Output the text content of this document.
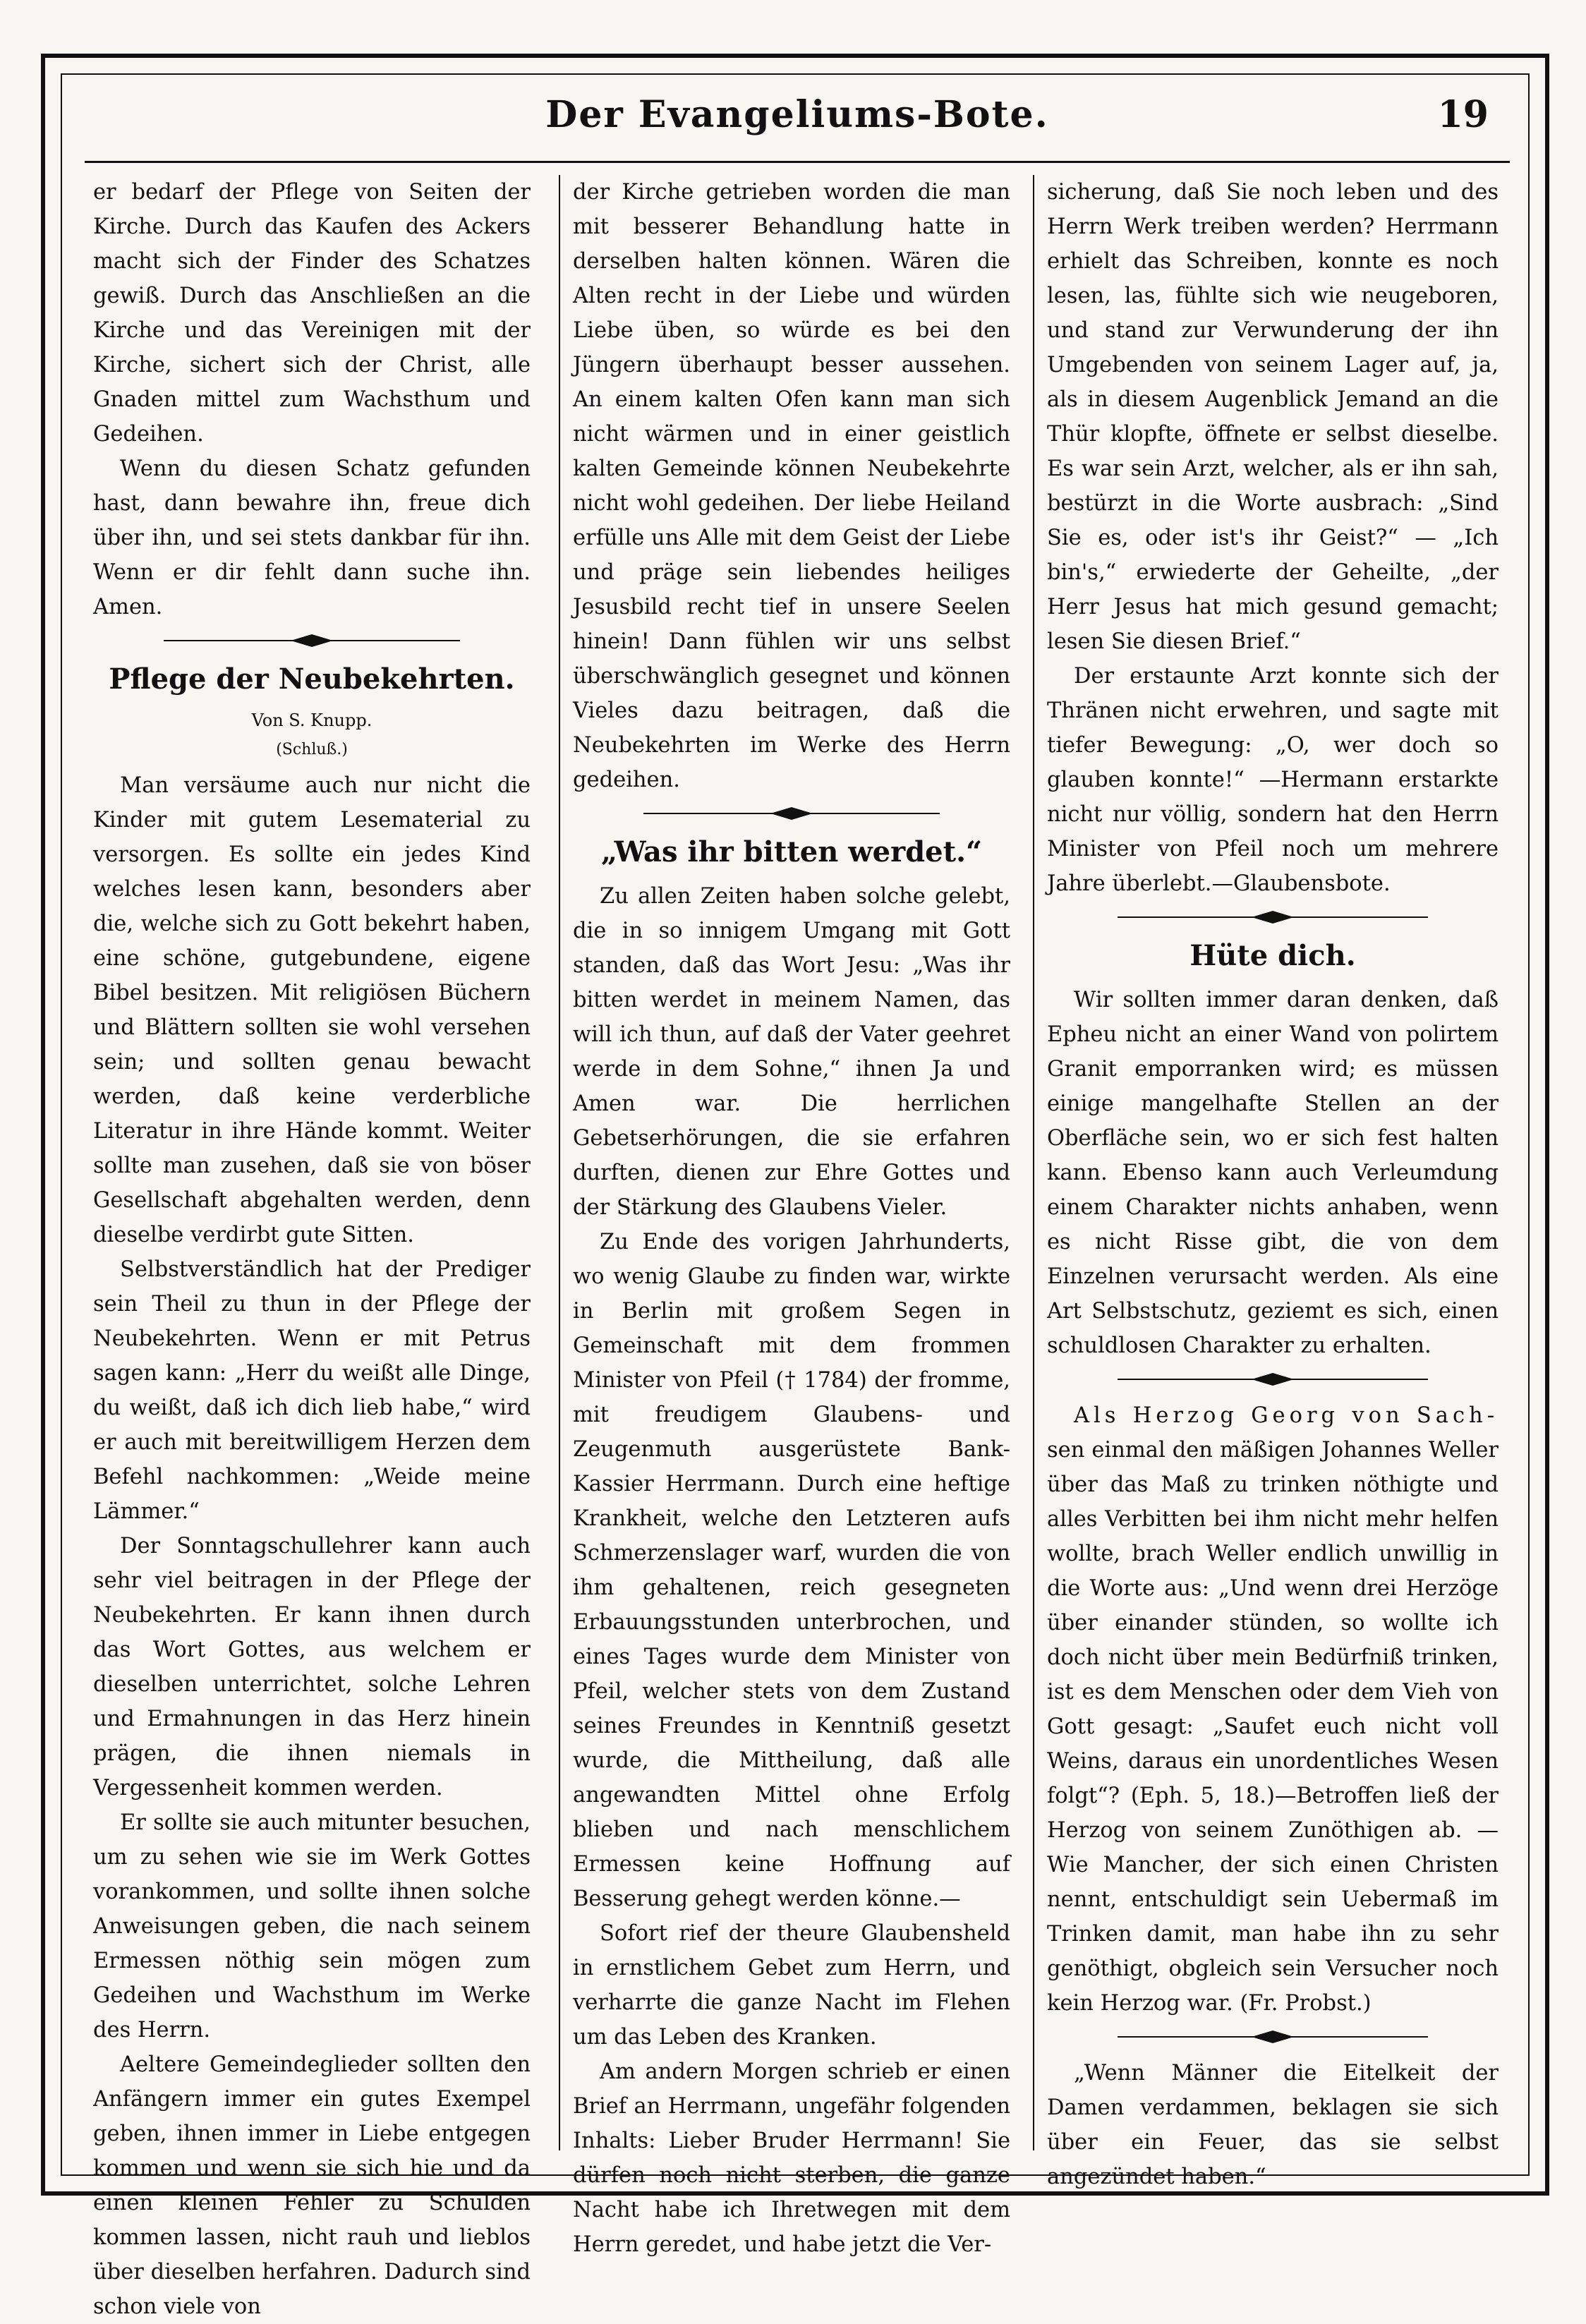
Der Evangeliums-Bote.	19

er bedarf der Pflege von Seiten der Kirche. Durch das Kaufen des Ackers macht sich der Finder des Schatzes gewiß. Durch das Anschließen an die Kirche und das Vereinigen mit der Kirche, sichert sich der Christ, alle Gnaden mittel zum Wachsthum und Gedeihen.

Wenn du diesen Schatz gefunden hast, dann bewahre ihn, freue dich über ihn, und sei stets dankbar für ihn. Wenn er dir fehlt dann suche ihn. Amen.

Pflege der Neubekehrten.
Von S. Knupp.
(Schluß.)

Man versäume auch nur nicht die Kinder mit gutem Lesematerial zu versorgen. Es sollte ein jedes Kind welches lesen kann, besonders aber die, welche sich zu Gott bekehrt haben, eine schöne, gutgebundene, eigene Bibel besitzen. Mit religiösen Büchern und Blättern sollten sie wohl versehen sein; und sollten genau bewacht werden, daß keine verderbliche Literatur in ihre Hände kommt. Weiter sollte man zusehen, daß sie von böser Gesellschaft abgehalten werden, denn dieselbe verdirbt gute Sitten.

Selbstverständlich hat der Prediger sein Theil zu thun in der Pflege der Neubekehrten. Wenn er mit Petrus sagen kann: „Herr du weißt alle Dinge, du weißt, daß ich dich lieb habe,“ wird er auch mit bereitwilligem Herzen dem Befehl nachkommen: „Weide meine Lämmer.“

Der Sonntagschullehrer kann auch sehr viel beitragen in der Pflege der Neubekehrten. Er kann ihnen durch das Wort Gottes, aus welchem er dieselben unterrichtet, solche Lehren und Ermahnungen in das Herz hinein prägen, die ihnen niemals in Vergessenheit kommen werden.

Er sollte sie auch mitunter besuchen, um zu sehen wie sie im Werk Gottes vorankommen, und sollte ihnen solche Anweisungen geben, die nach seinem Ermessen nöthig sein mögen zum Gedeihen und Wachsthum im Werke des Herrn.

Aeltere Gemeindeglieder sollten den Anfängern immer ein gutes Exempel geben, ihnen immer in Liebe entgegen kommen und wenn sie sich hie und da einen kleinen Fehler zu Schulden kommen lassen, nicht rauh und lieblos über dieselben herfahren. Dadurch sind schon viele von

der Kirche getrieben worden die man mit besserer Behandlung hatte in derselben halten können. Wären die Alten recht in der Liebe und würden Liebe üben, so würde es bei den Jüngern überhaupt besser aussehen. An einem kalten Ofen kann man sich nicht wärmen und in einer geistlich kalten Gemeinde können Neubekehrte nicht wohl gedeihen. Der liebe Heiland erfülle uns Alle mit dem Geist der Liebe und präge sein liebendes heiliges Jesusbild recht tief in unsere Seelen hinein! Dann fühlen wir uns selbst überschwänglich gesegnet und können Vieles dazu beitragen, daß die Neubekehrten im Werke des Herrn gedeihen.

„Was ihr bitten werdet.“

Zu allen Zeiten haben solche gelebt, die in so innigem Umgang mit Gott standen, daß das Wort Jesu: „Was ihr bitten werdet in meinem Namen, das will ich thun, auf daß der Vater geehret werde in dem Sohne,“ ihnen Ja und Amen war. Die herrlichen Gebetserhörungen, die sie erfahren durften, dienen zur Ehre Gottes und der Stärkung des Glaubens Vieler.

Zu Ende des vorigen Jahrhunderts, wo wenig Glaube zu finden war, wirkte in Berlin mit großem Segen in Gemeinschaft mit dem frommen Minister von Pfeil († 1784) der fromme, mit freudigem Glaubens- und Zeugenmuth ausgerüstete Bank-Kassier Herrmann. Durch eine heftige Krankheit, welche den Letzteren aufs Schmerzenslager warf, wurden die von ihm gehaltenen, reich gesegneten Erbauungsstunden unterbrochen, und eines Tages wurde dem Minister von Pfeil, welcher stets von dem Zustand seines Freundes in Kenntniß gesetzt wurde, die Mittheilung, daß alle angewandten Mittel ohne Erfolg blieben und nach menschlichem Ermessen keine Hoffnung auf Besserung gehegt werden könne.—

Sofort rief der theure Glaubensheld in ernstlichem Gebet zum Herrn, und verharrte die ganze Nacht im Flehen um das Leben des Kranken.

Am andern Morgen schrieb er einen Brief an Herrmann, ungefähr folgenden Inhalts: Lieber Bruder Herrmann! Sie dürfen noch nicht sterben, die ganze Nacht habe ich Ihretwegen mit dem Herrn geredet, und habe jetzt die Ver-

sicherung, daß Sie noch leben und des Herrn Werk treiben werden? Herrmann erhielt das Schreiben, konnte es noch lesen, las, fühlte sich wie neugeboren, und stand zur Verwunderung der ihn Umgebenden von seinem Lager auf, ja, als in diesem Augenblick Jemand an die Thür klopfte, öffnete er selbst dieselbe. Es war sein Arzt, welcher, als er ihn sah, bestürzt in die Worte ausbrach: „Sind Sie es, oder ist's ihr Geist?“ — „Ich bin's,“ erwiederte der Geheilte, „der Herr Jesus hat mich gesund gemacht; lesen Sie diesen Brief.“

Der erstaunte Arzt konnte sich der Thränen nicht erwehren, und sagte mit tiefer Bewegung: „O, wer doch so glauben konnte!“ —Hermann erstarkte nicht nur völlig, sondern hat den Herrn Minister von Pfeil noch um mehrere Jahre überlebt.—Glaubensbote.

Hüte dich.

Wir sollten immer daran denken, daß Epheu nicht an einer Wand von polirtem Granit emporranken wird; es müssen einige mangelhafte Stellen an der Oberfläche sein, wo er sich fest halten kann. Ebenso kann auch Verleumdung einem Charakter nichts anhaben, wenn es nicht Risse gibt, die von dem Einzelnen verursacht werden. Als eine Art Selbstschutz, geziemt es sich, einen schuldlosen Charakter zu erhalten.

Als Herzog Georg von Sach- sen einmal den mäßigen Johannes Weller über das Maß zu trinken nöthigte und alles Verbitten bei ihm nicht mehr helfen wollte, brach Weller endlich unwillig in die Worte aus: „Und wenn drei Herzöge über einander stünden, so wollte ich doch nicht über mein Bedürfniß trinken, ist es dem Menschen oder dem Vieh von Gott gesagt: „Saufet euch nicht voll Weins, daraus ein unordentliches Wesen folgt“? (Eph. 5, 18.)—Betroffen ließ der Herzog von seinem Zunöthigen ab. —Wie Mancher, der sich einen Christen nennt, entschuldigt sein Uebermaß im Trinken damit, man habe ihn zu sehr genöthigt, obgleich sein Versucher noch kein Herzog war. (Fr. Probst.)

„Wenn Männer die Eitelkeit der Damen verdammen, beklagen sie sich über ein Feuer, das sie selbst angezündet haben.“
